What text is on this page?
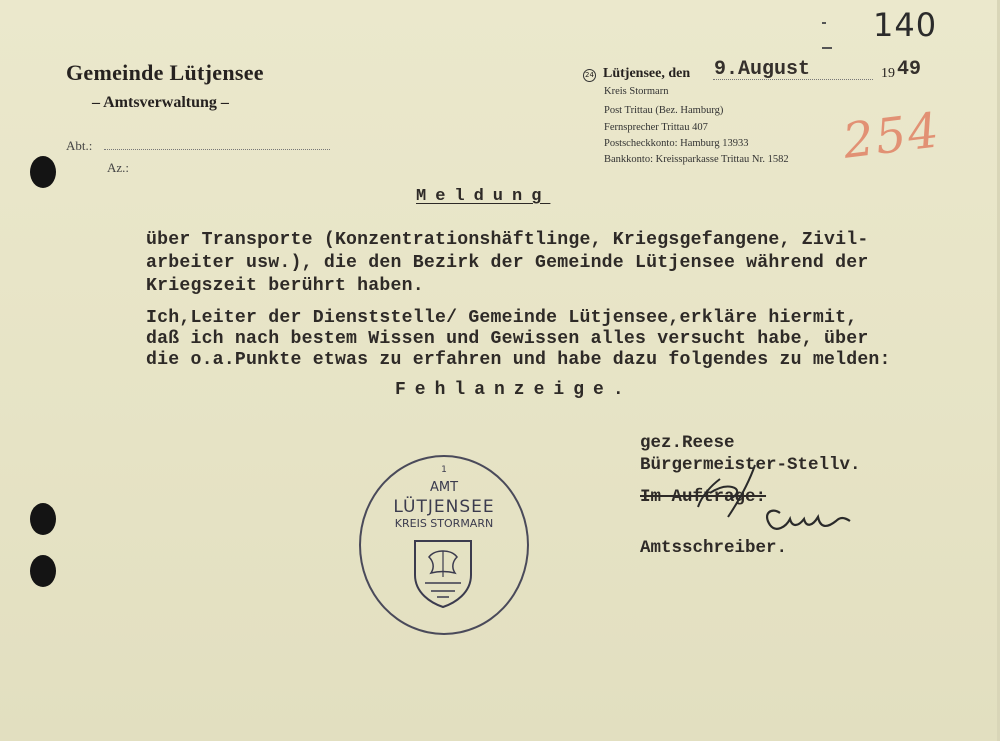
140
254
Gemeinde Lütjensee
– Amtsverwaltung –
Abt.:
Az.:
24 Lütjensee, den 9.August	19 49
Kreis Stormarn
Post Trittau (Bez. Hamburg)
Fernsprecher Trittau 407
Postscheckkonto: Hamburg 13933
Bankkonto: Kreissparkasse Trittau Nr. 1582
Meldung
über Transporte (Konzentrationshäftlinge, Kriegsgefangene, Zivil-
arbeiter usw.), die den Bezirk der Gemeinde Lütjensee während der
Kriegszeit berührt haben.
Ich,Leiter der Dienststelle/ Gemeinde Lütjensee,erkläre hiermit,
daß ich nach bestem Wissen und Gewissen alles versucht habe, über
die o.a.Punkte etwas zu erfahren und habe dazu folgendes zu melden:
Fehlanzeige.
gez.Reese
Bürgermeister-Stellv.
Im Auftrage:
Amtsschreiber.
1
AMT
LÜTJENSEE
KREIS STORMARN
